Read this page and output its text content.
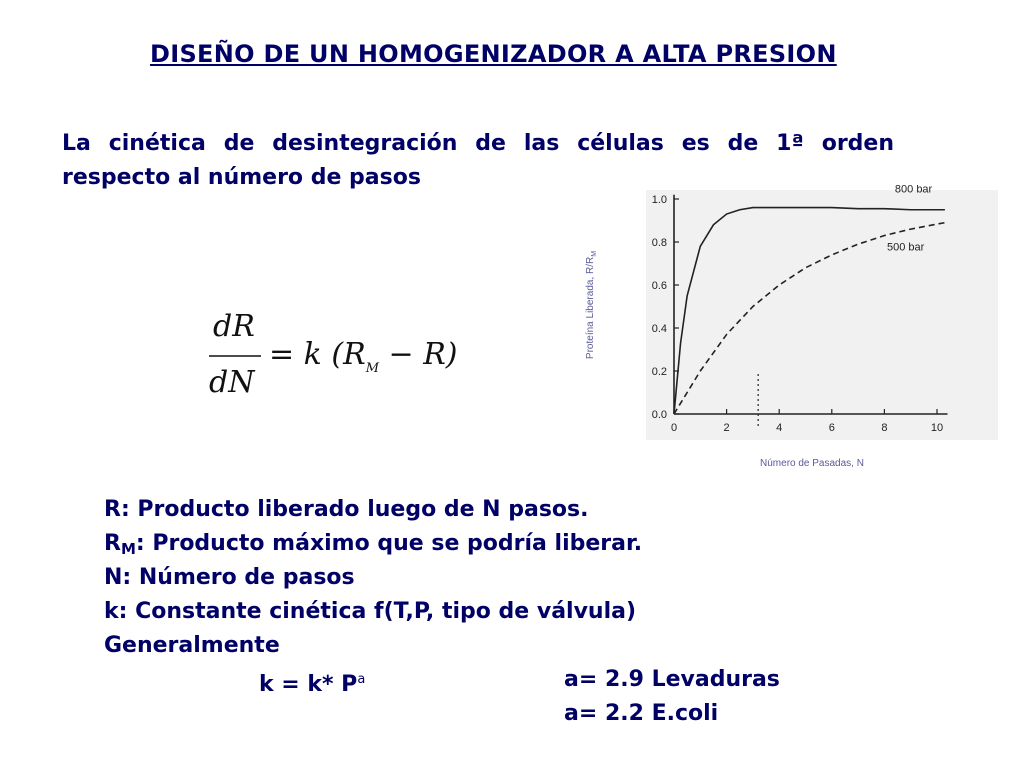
DISEÑO DE UN HOMOGENIZADOR A ALTA PRESION
La cinética de desintegración de las células es de 1ª orden respecto al número de pasos
dR
dN
= k $(R_M - R)$	Proteína Liberada, $R/R_M$
Número de Pasadas, N
0	2	4	6	8	10
0.0
0.2
0.4
0.6
0.8
1.0
800 bar
500 bar
R: Producto liberado luego de N pasos.
$R_M$: Producto máximo que se podría liberar.
N: Número de pasos
k: Constante cinética f(T,P, tipo de válvula)
Generalmente
k = k* $P^a$	a= 2.9 Levaduras
a= 2.2 E.coli
